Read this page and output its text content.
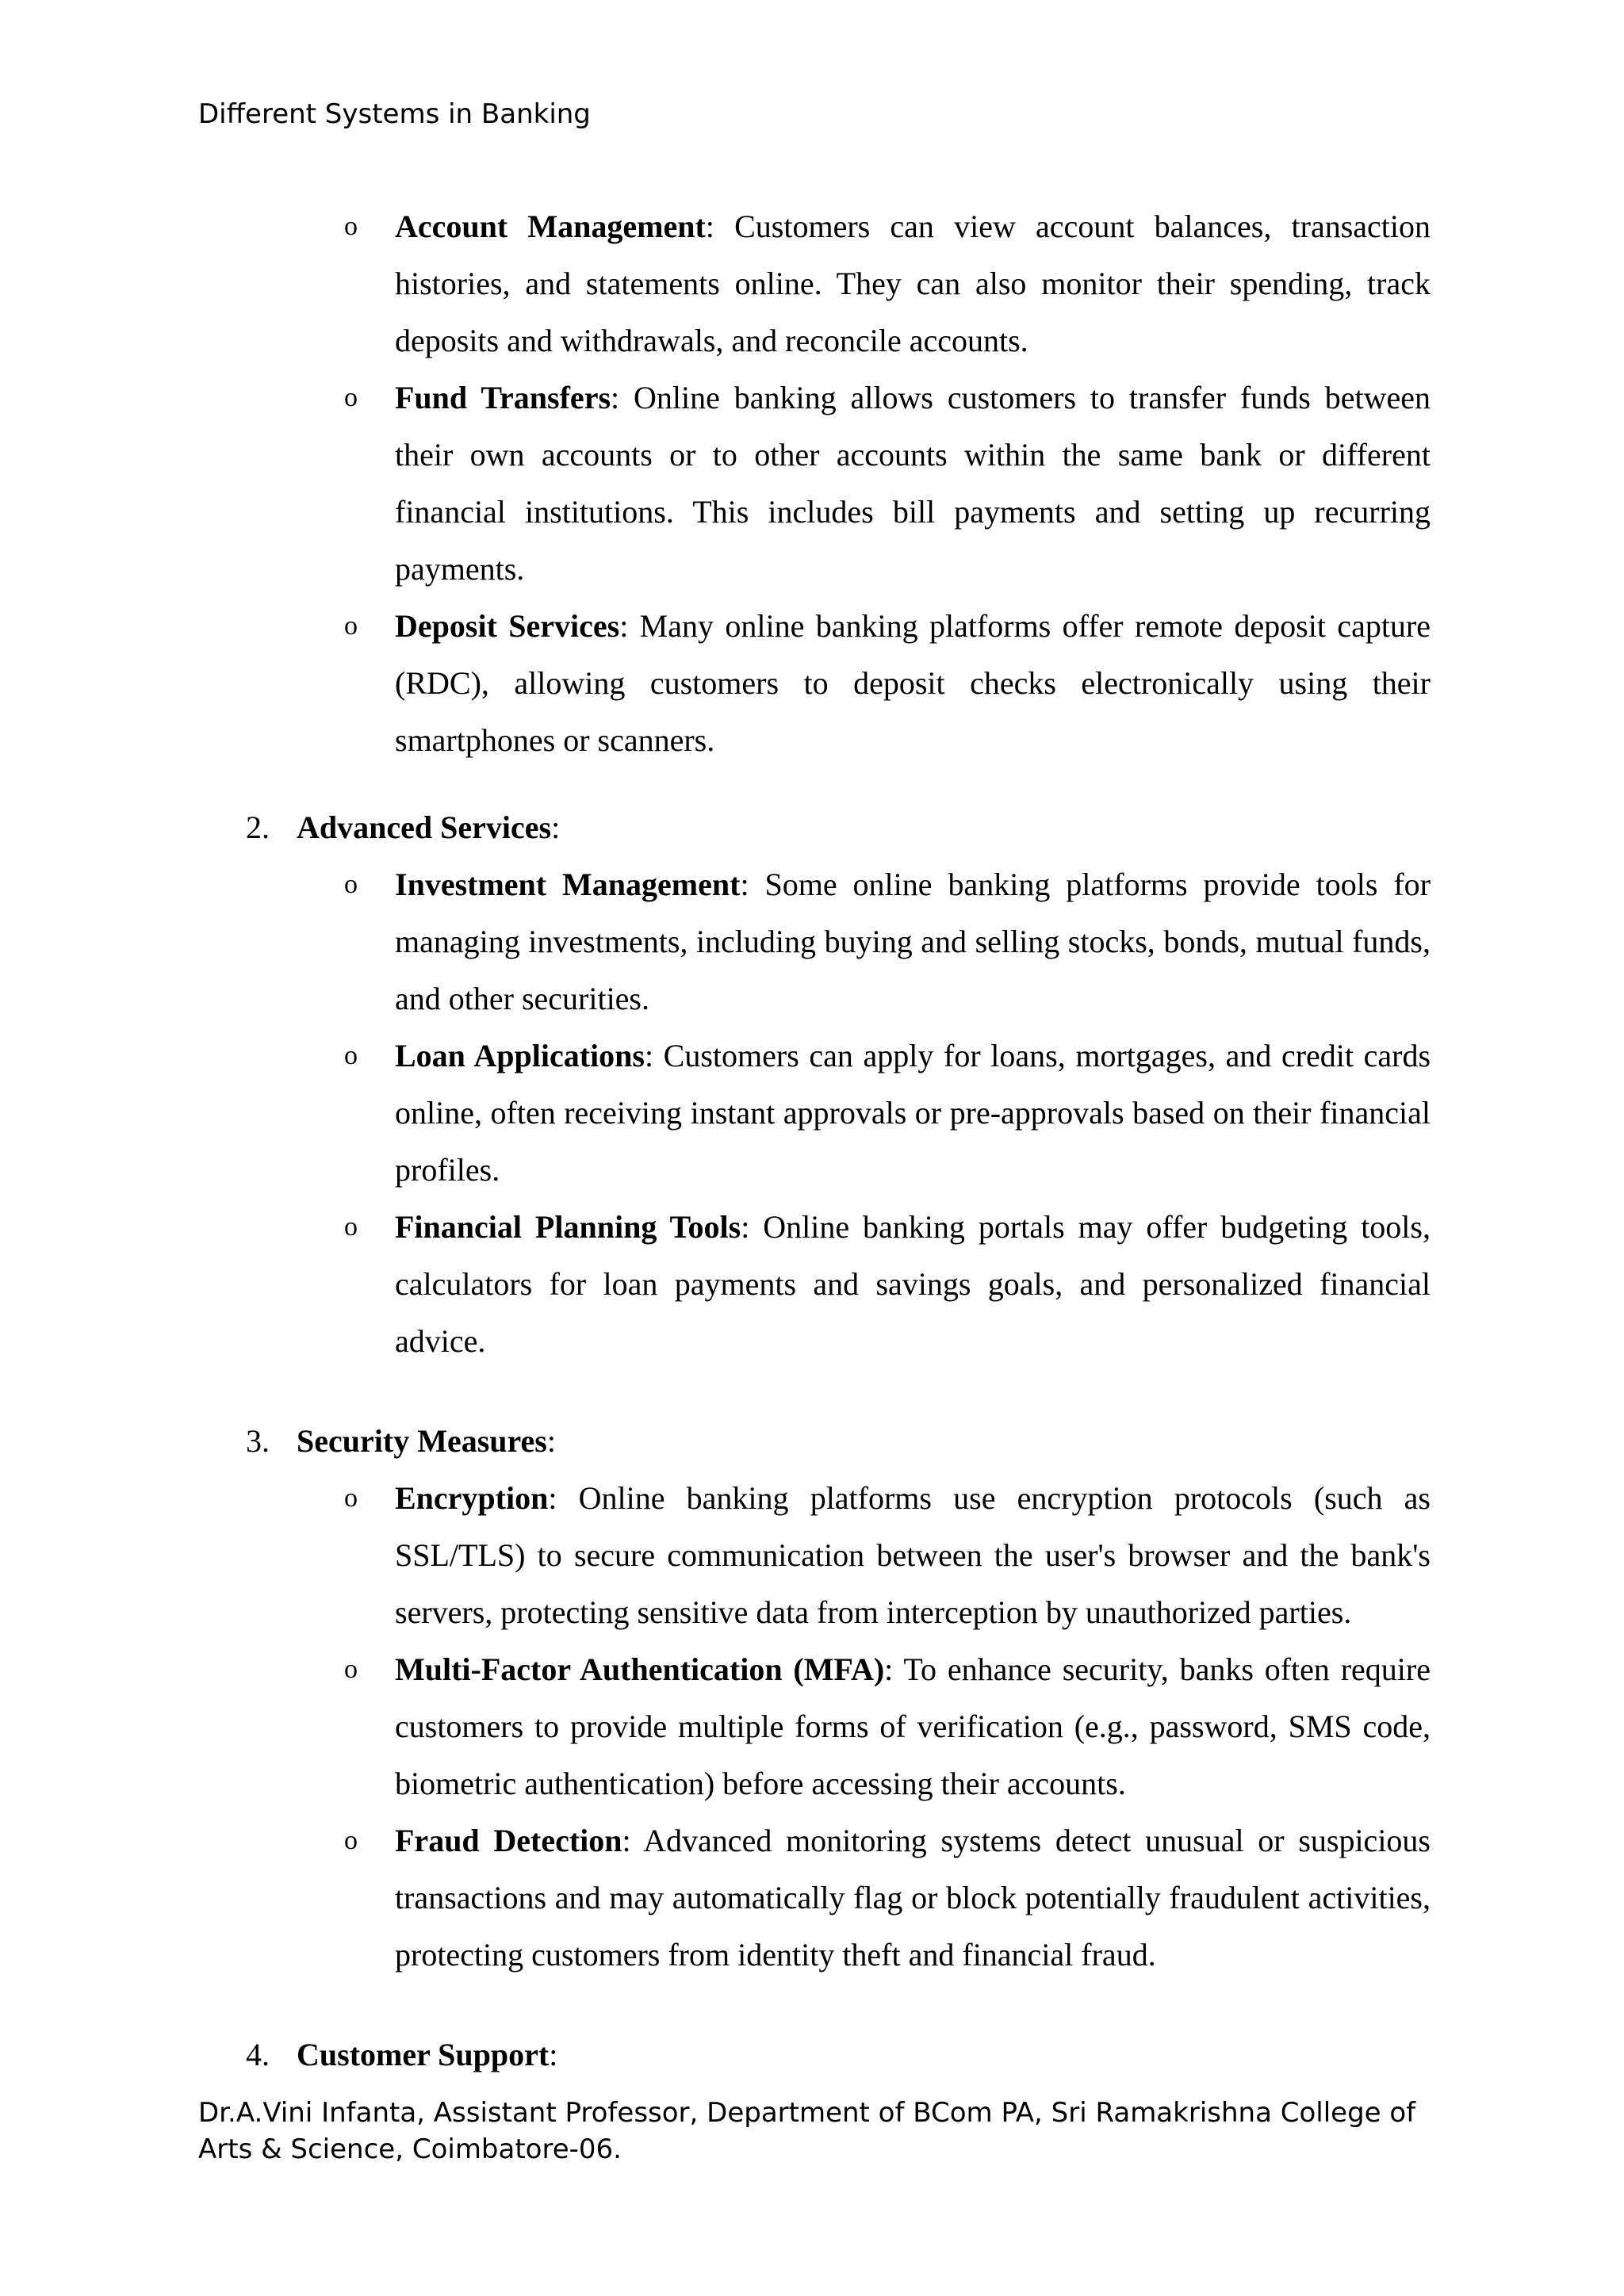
Different Systems in Banking
o Account Management: Customers can view account balances, transaction histories, and statements online. They can also monitor their spending, track deposits and withdrawals, and reconcile accounts.
o Fund Transfers: Online banking allows customers to transfer funds between their own accounts or to other accounts within the same bank or different financial institutions. This includes bill payments and setting up recurring payments.
o Deposit Services: Many online banking platforms offer remote deposit capture (RDC), allowing customers to deposit checks electronically using their smartphones or scanners.
2. Advanced Services:
o Investment Management: Some online banking platforms provide tools for managing investments, including buying and selling stocks, bonds, mutual funds, and other securities.
o Loan Applications: Customers can apply for loans, mortgages, and credit cards online, often receiving instant approvals or pre-approvals based on their financial profiles.
o Financial Planning Tools: Online banking portals may offer budgeting tools, calculators for loan payments and savings goals, and personalized financial advice.
3. Security Measures:
o Encryption: Online banking platforms use encryption protocols (such as SSL/TLS) to secure communication between the user's browser and the bank's servers, protecting sensitive data from interception by unauthorized parties.
o Multi-Factor Authentication (MFA): To enhance security, banks often require customers to provide multiple forms of verification (e.g., password, SMS code, biometric authentication) before accessing their accounts.
o Fraud Detection: Advanced monitoring systems detect unusual or suspicious transactions and may automatically flag or block potentially fraudulent activities, protecting customers from identity theft and financial fraud.
4. Customer Support:
Dr.A.Vini Infanta, Assistant Professor, Department of BCom PA, Sri Ramakrishna College of Arts & Science, Coimbatore-06.
